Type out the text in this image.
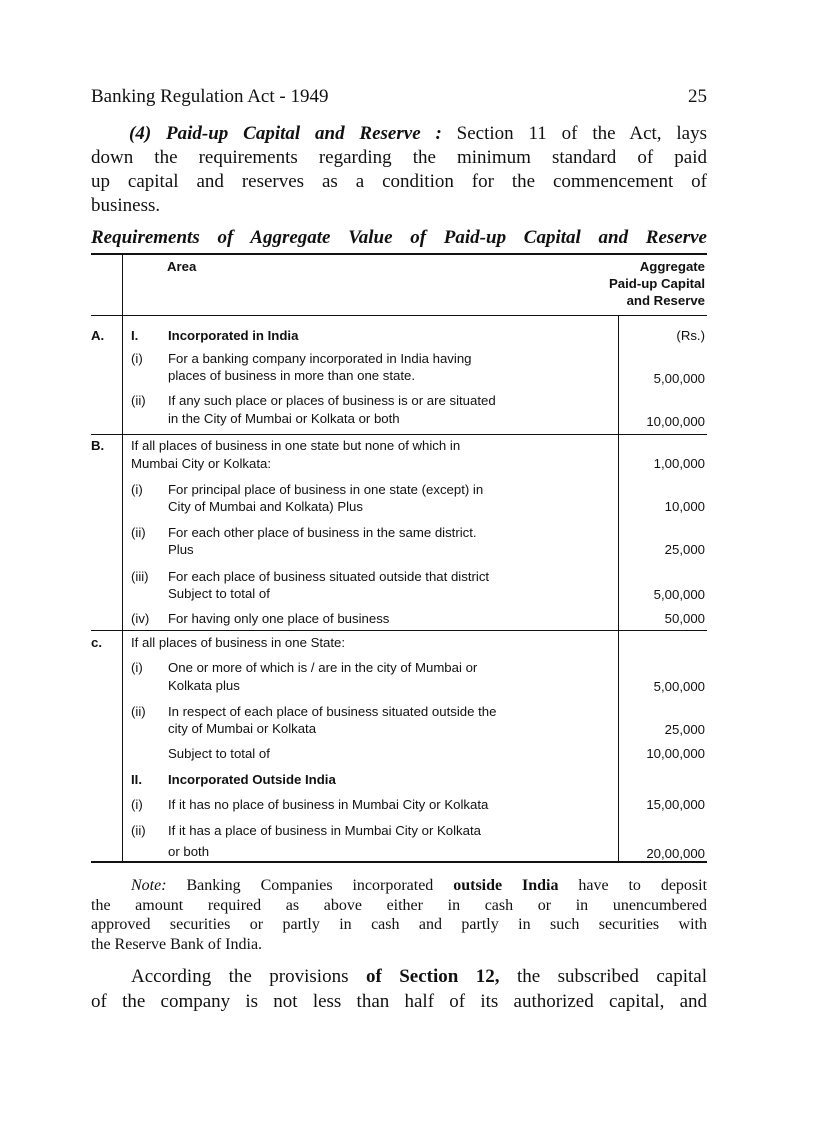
Banking Regulation Act - 1949	25
(4) Paid-up Capital and Reserve : Section 11 of the Act, lays
down the requirements regarding the minimum standard of paid
up capital and reserves as a condition for the commencement of
business.
Requirements of Aggregate Value of Paid-up Capital and Reserve
Area	Aggregate
Paid-up Capital
and Reserve
A. I. Incorporated in India	(Rs.)
(i) For a banking company incorporated in India having
places of business in more than one state.	5,00,000
(ii) If any such place or places of business is or are situated
in the City of Mumbai or Kolkata or both	10,00,000
B. If all places of business in one state but none of which in
Mumbai City or Kolkata:	1,00,000
(i) For principal place of business in one state (except) in
City of Mumbai and Kolkata) Plus	10,000
(ii) For each other place of business in the same district.
Plus	25,000
(iii) For each place of business situated outside that district
Subject to total of	5,00,000
(iv) For having only one place of business	50,000
c. If all places of business in one State:
(i) One or more of which is / are in the city of Mumbai or
Kolkata plus	5,00,000
(ii) In respect of each place of business situated outside the
city of Mumbai or Kolkata	25,000
Subject to total of	10,00,000
II. Incorporated Outside India
(i) If it has no place of business in Mumbai City or Kolkata	15,00,000
(ii) If it has a place of business in Mumbai City or Kolkata
or both	20,00,000
Note: Banking Companies incorporated outside India have to deposit
the amount required as above either in cash or in unencumbered
approved securities or partly in cash and partly in such securities with
the Reserve Bank of India.
According the provisions of Section 12, the subscribed capital
of the company is not less than half of its authorized capital, and
